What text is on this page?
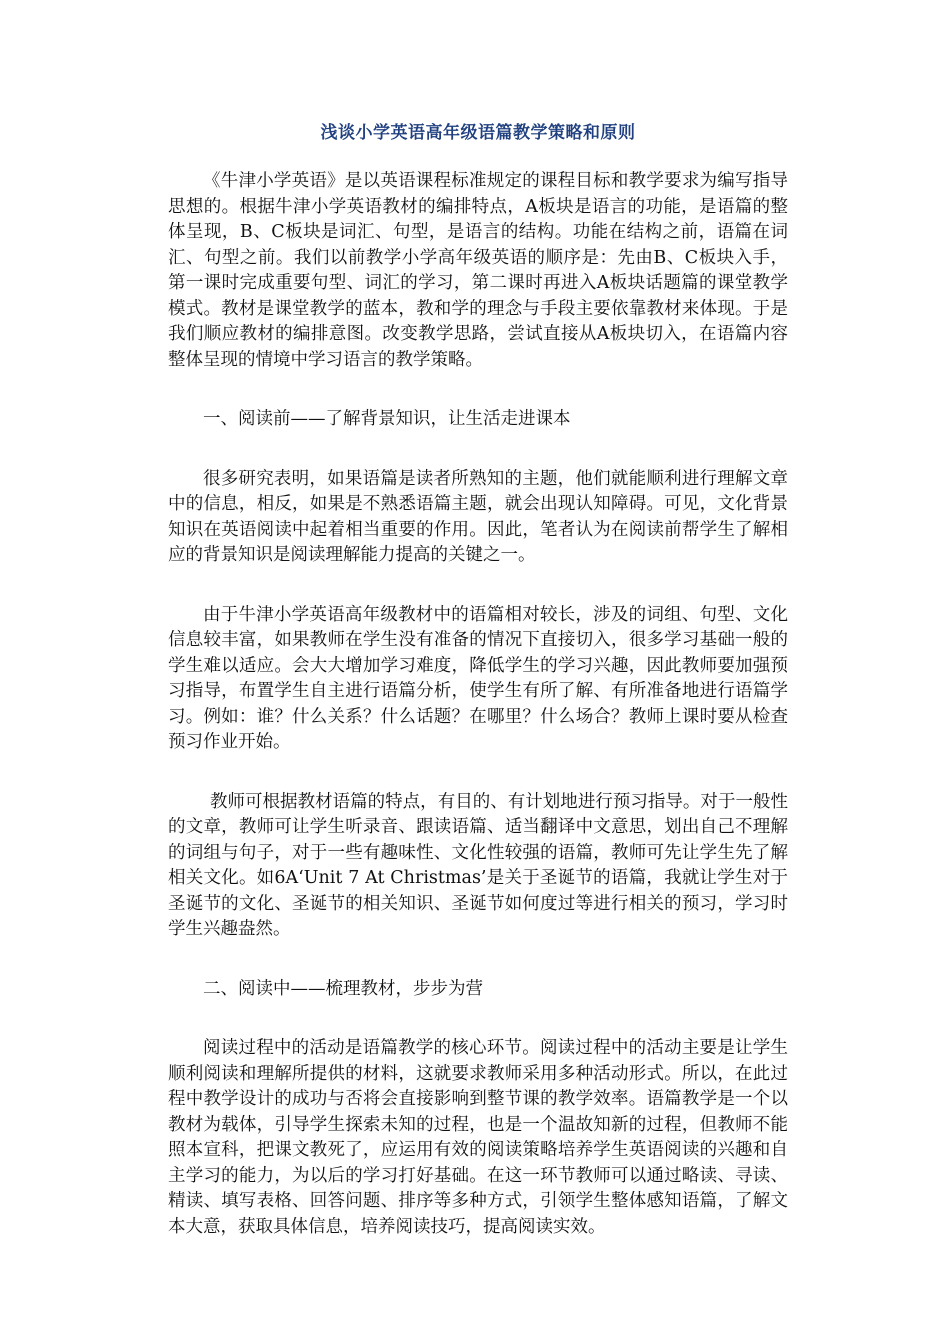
浅谈小学英语高年级语篇教学策略和原则

《牛津小学英语》是以英语课程标准规定的课程目标和教学要求为编写指导思想的。根据牛津小学英语教材的编排特点，A板块是语言的功能，是语篇的整体呈现，B、C板块是词汇、句型，是语言的结构。功能在结构之前，语篇在词汇、句型之前。我们以前教学小学高年级英语的顺序是：先由B、C板块入手，第一课时完成重要句型、词汇的学习，第二课时再进入A板块话题篇的课堂教学模式。教材是课堂教学的蓝本，教和学的理念与手段主要依靠教材来体现。于是我们顺应教材的编排意图。改变教学思路，尝试直接从A板块切入，在语篇内容整体呈现的情境中学习语言的教学策略。

一、阅读前——了解背景知识，让生活走进课本

很多研究表明，如果语篇是读者所熟知的主题，他们就能顺利进行理解文章中的信息，相反，如果是不熟悉语篇主题，就会出现认知障碍。可见，文化背景知识在英语阅读中起着相当重要的作用。因此，笔者认为在阅读前帮学生了解相应的背景知识是阅读理解能力提高的关键之一。

由于牛津小学英语高年级教材中的语篇相对较长，涉及的词组、句型、文化信息较丰富，如果教师在学生没有准备的情况下直接切入，很多学习基础一般的学生难以适应。会大大增加学习难度，降低学生的学习兴趣，因此教师要加强预习指导，布置学生自主进行语篇分析，使学生有所了解、有所准备地进行语篇学习。例如：谁？什么关系？什么话题？在哪里？什么场合？教师上课时要从检查预习作业开始。

教师可根据教材语篇的特点，有目的、有计划地进行预习指导。对于一般性的文章，教师可让学生听录音、跟读语篇、适当翻译中文意思，划出自己不理解的词组与句子，对于一些有趣味性、文化性较强的语篇，教师可先让学生先了解相关文化。如6A‘Unit 7 At Christmas’是关于圣诞节的语篇，我就让学生对于圣诞节的文化、圣诞节的相关知识、圣诞节如何度过等进行相关的预习，学习时学生兴趣盎然。

二、阅读中——梳理教材，步步为营

阅读过程中的活动是语篇教学的核心环节。阅读过程中的活动主要是让学生顺利阅读和理解所提供的材料，这就要求教师采用多种活动形式。所以，在此过程中教学设计的成功与否将会直接影响到整节课的教学效率。语篇教学是一个以教材为载体，引导学生探索未知的过程，也是一个温故知新的过程，但教师不能照本宣科，把课文教死了，应运用有效的阅读策略培养学生英语阅读的兴趣和自主学习的能力，为以后的学习打好基础。在这一环节教师可以通过略读、寻读、精读、填写表格、回答问题、排序等多种方式，引领学生整体感知语篇，了解文本大意，获取具体信息，培养阅读技巧，提高阅读实效。
